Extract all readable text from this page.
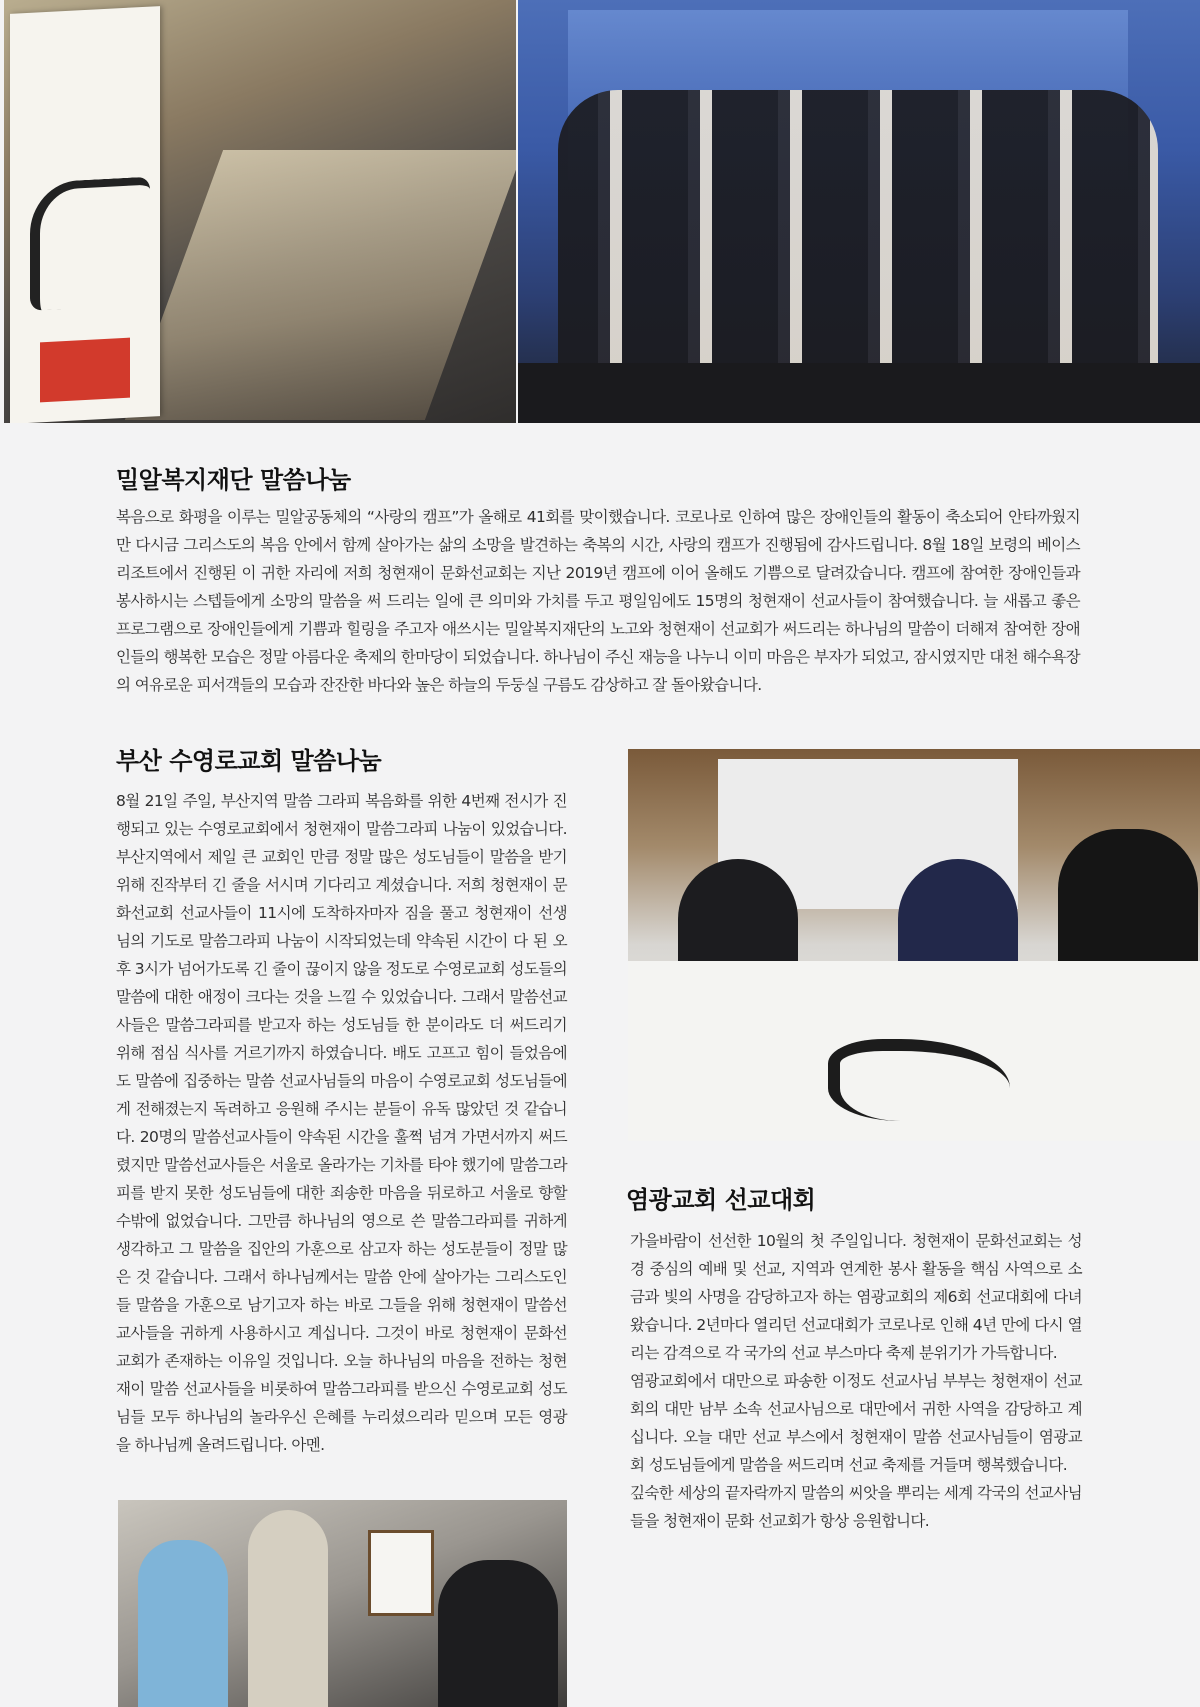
밀알복지재단 말씀나눔

복음으로 화평을 이루는 밀알공동체의 “사랑의 캠프”가 올해로 41회를 맞이했습니다. 코로나로 인하여 많은 장애인들의 활동이 축소되어 안타까웠지만 다시금 그리스도의 복음 안에서 함께 살아가는 삶의 소망을 발견하는 축복의 시간, 사랑의 캠프가 진행됨에 감사드립니다. 8월 18일 보령의 베이스 리조트에서 진행된 이 귀한 자리에 저희 청현재이 문화선교회는 지난 2019년 캠프에 이어 올해도 기쁨으로 달려갔습니다. 캠프에 참여한 장애인들과 봉사하시는 스텝들에게 소망의 말씀을 써 드리는 일에 큰 의미와 가치를 두고 평일임에도 15명의 청현재이 선교사들이 참여했습니다. 늘 새롭고 좋은 프로그램으로 장애인들에게 기쁨과 힐링을 주고자 애쓰시는 밀알복지재단의 노고와 청현재이 선교회가 써드리는 하나님의 말씀이 더해져 참여한 장애인들의 행복한 모습은 정말 아름다운 축제의 한마당이 되었습니다. 하나님이 주신 재능을 나누니 이미 마음은 부자가 되었고, 잠시였지만 대천 해수욕장의 여유로운 피서객들의 모습과 잔잔한 바다와 높은 하늘의 두둥실 구름도 감상하고 잘 돌아왔습니다.

부산 수영로교회 말씀나눔

8월 21일 주일, 부산지역 말씀 그라피 복음화를 위한 4번째 전시가 진행되고 있는 수영로교회에서 청현재이 말씀그라피 나눔이 있었습니다. 부산지역에서 제일 큰 교회인 만큼 정말 많은 성도님들이 말씀을 받기 위해 진작부터 긴 줄을 서시며 기다리고 계셨습니다. 저희 청현재이 문화선교회 선교사들이 11시에 도착하자마자 짐을 풀고 청현재이 선생님의 기도로 말씀그라피 나눔이 시작되었는데 약속된 시간이 다 된 오후 3시가 넘어가도록 긴 줄이 끊이지 않을 정도로 수영로교회 성도들의 말씀에 대한 애정이 크다는 것을 느낄 수 있었습니다. 그래서 말씀선교사들은 말씀그라피를 받고자 하는 성도님들 한 분이라도 더 써드리기 위해 점심 식사를 거르기까지 하였습니다. 배도 고프고 힘이 들었음에도 말씀에 집중하는 말씀 선교사님들의 마음이 수영로교회 성도님들에게 전해졌는지 독려하고 응원해 주시는 분들이 유독 많았던 것 같습니다. 20명의 말씀선교사들이 약속된 시간을 훌쩍 넘겨 가면서까지 써드렸지만 말씀선교사들은 서울로 올라가는 기차를 타야 했기에 말씀그라피를 받지 못한 성도님들에 대한 죄송한 마음을 뒤로하고 서울로 향할 수밖에 없었습니다. 그만큼 하나님의 영으로 쓴 말씀그라피를 귀하게 생각하고 그 말씀을 집안의 가훈으로 삼고자 하는 성도분들이 정말 많은 것 같습니다. 그래서 하나님께서는 말씀 안에 살아가는 그리스도인들 말씀을 가훈으로 남기고자 하는 바로 그들을 위해 청현재이 말씀선교사들을 귀하게 사용하시고 계십니다. 그것이 바로 청현재이 문화선교회가 존재하는 이유일 것입니다. 오늘 하나님의 마음을 전하는 청현재이 말씀 선교사들을 비롯하여 말씀그라피를 받으신 수영로교회 성도님들 모두 하나님의 놀라우신 은혜를 누리셨으리라 믿으며 모든 영광을 하나님께 올려드립니다. 아멘.

염광교회 선교대회

가을바람이 선선한 10월의 첫 주일입니다. 청현재이 문화선교회는 성경 중심의 예배 및 선교, 지역과 연계한 봉사 활동을 핵심 사역으로 소금과 빛의 사명을 감당하고자 하는 염광교회의 제6회 선교대회에 다녀왔습니다. 2년마다 열리던 선교대회가 코로나로 인해 4년 만에 다시 열리는 감격으로 각 국가의 선교 부스마다 축제 분위기가 가득합니다.

염광교회에서 대만으로 파송한 이정도 선교사님 부부는 청현재이 선교회의 대만 남부 소속 선교사님으로 대만에서 귀한 사역을 감당하고 계십니다. 오늘 대만 선교 부스에서 청현재이 말씀 선교사님들이 염광교회 성도님들에게 말씀을 써드리며 선교 축제를 거들며 행복했습니다.

깊숙한 세상의 끝자락까지 말씀의 씨앗을 뿌리는 세계 각국의 선교사님들을 청현재이 문화 선교회가 항상 응원합니다.
